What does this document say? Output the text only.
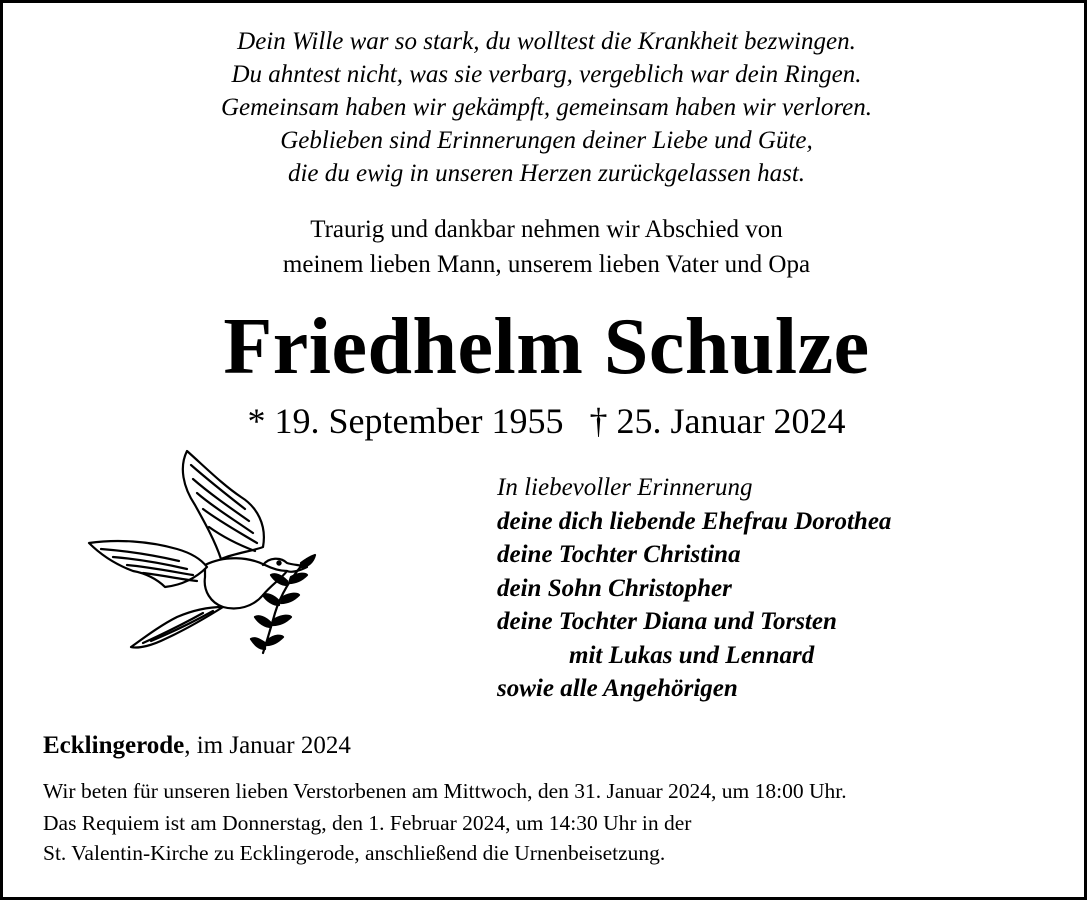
Dein Wille war so stark, du wolltest die Krankheit bezwingen.
Du ahntest nicht, was sie verbarg, vergeblich war dein Ringen.
Gemeinsam haben wir gekämpft, gemeinsam haben wir verloren.
Geblieben sind Erinnerungen deiner Liebe und Güte,
die du ewig in unseren Herzen zurückgelassen hast.
Traurig und dankbar nehmen wir Abschied von
meinem lieben Mann, unserem lieben Vater und Opa
Friedhelm Schulze
* 19. September 1955 † 25. Januar 2024
In liebevoller Erinnerung
deine dich liebende Ehefrau Dorothea
deine Tochter Christina
dein Sohn Christopher
deine Tochter Diana und Torsten
mit Lukas und Lennard
sowie alle Angehörigen
Ecklingerode, im Januar 2024
Wir beten für unseren lieben Verstorbenen am Mittwoch, den 31. Januar 2024, um 18:00 Uhr.
Das Requiem ist am Donnerstag, den 1. Februar 2024, um 14:30 Uhr in der
St. Valentin-Kirche zu Ecklingerode, anschließend die Urnenbeisetzung.
